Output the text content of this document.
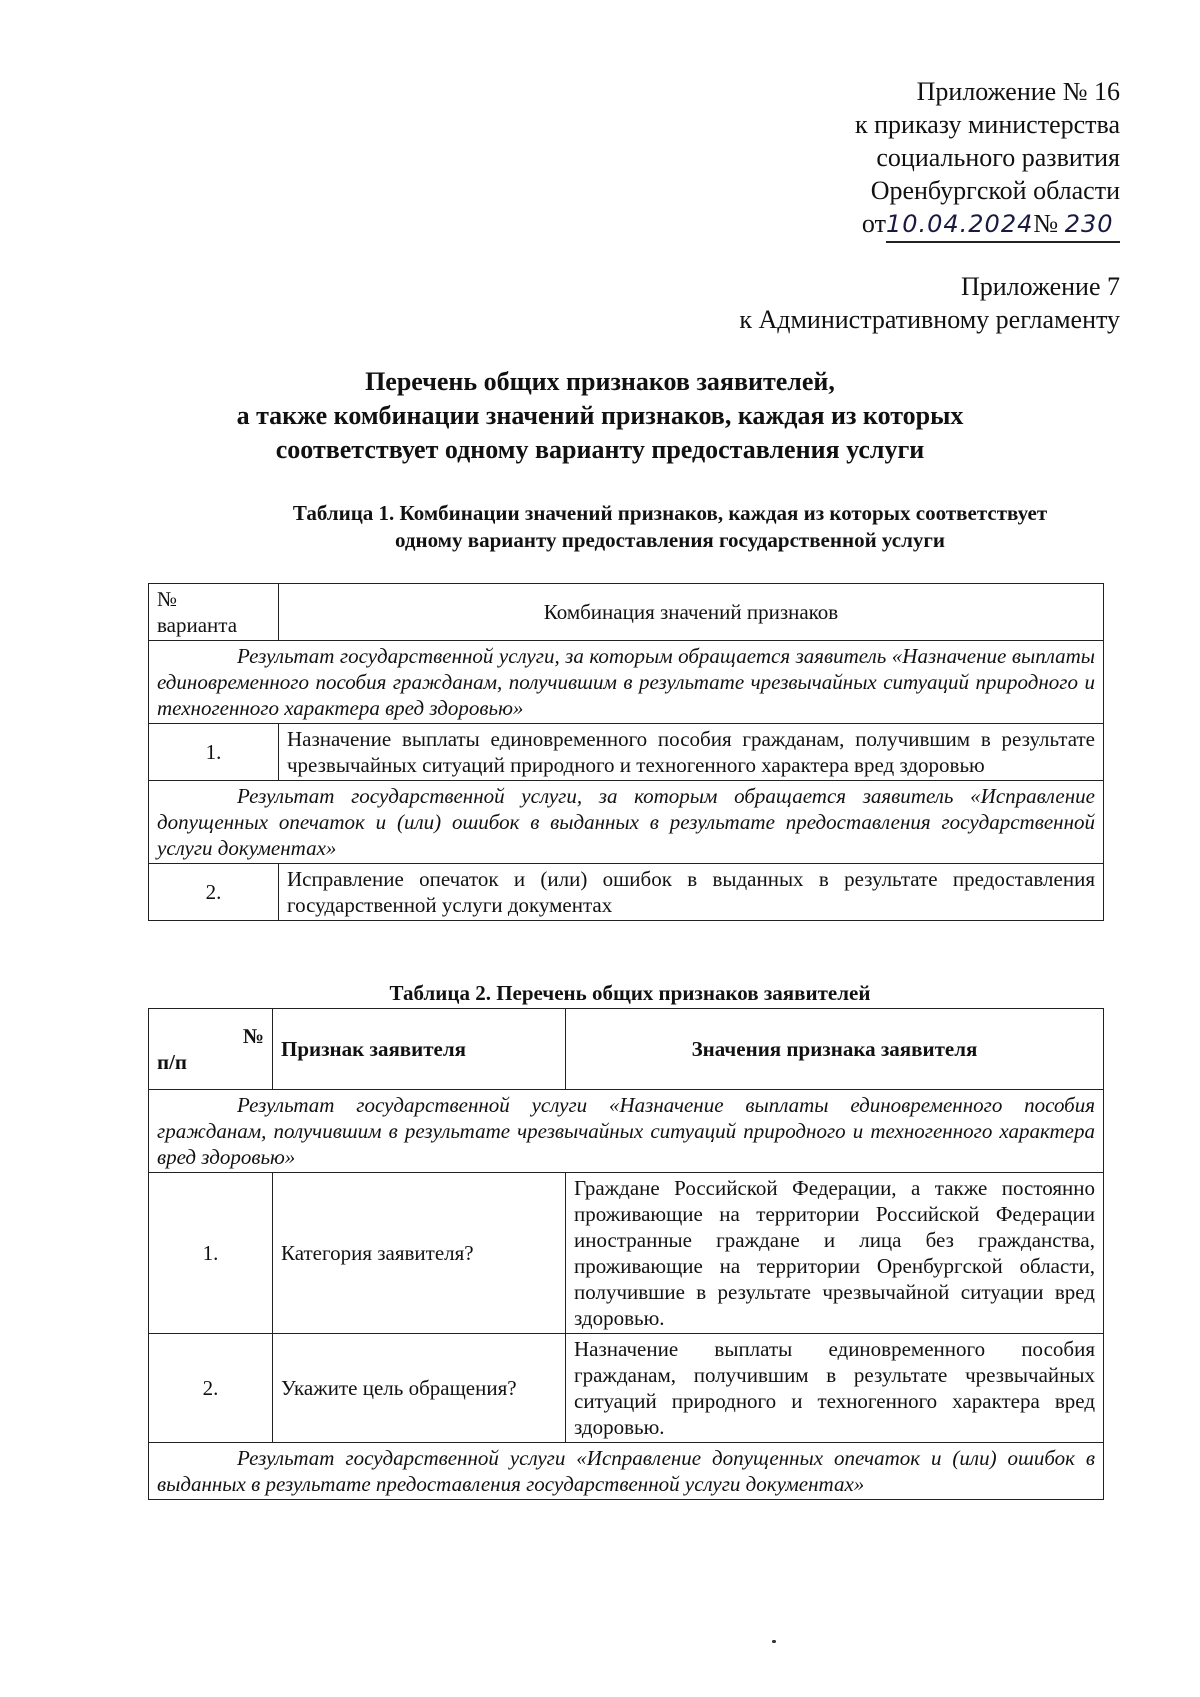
Приложение № 16
к приказу министерства
социального развития
Оренбургской области
от10.04.2024№ 230
Приложение 7
к Административному регламенту
Перечень общих признаков заявителей,
а также комбинации значений признаков, каждая из которых
соответствует одному варианту предоставления услуги
Таблица 1. Комбинации значений признаков, каждая из которых соответствует
одному варианту предоставления государственной услуги
№
варианта	Комбинация значений признаков
Результат государственной услуги, за которым обращается заявитель «Назначение выплаты единовременного пособия гражданам, получившим в результате чрезвычайных ситуаций природного и техногенного характера вред здоровью»	
1.	Назначение выплаты единовременного пособия гражданам, получившим в результате чрезвычайных ситуаций природного и техногенного характера вред здоровью
Результат государственной услуги, за которым обращается заявитель «Исправление допущенных опечаток и (или) ошибок в выданных в результате предоставления государственной услуги документах»	
2.	Исправление опечаток и (или) ошибок в выданных в результате предоставления государственной услуги документах
Таблица 2. Перечень общих признаков заявителей
№
п/п	Признак заявителя	Значения признака заявителя
Результат государственной услуги «Назначение выплаты единовременного пособия гражданам, получившим в результате чрезвычайных ситуаций природного и техногенного характера вред здоровью»		
1.	Категория заявителя?	Граждане Российской Федерации, а также постоянно проживающие на территории Российской Федерации иностранные граждане и лица без гражданства, проживающие на территории Оренбургской области, получившие в результате чрезвычайной ситуации вред здоровью.
2.	Укажите цель обращения?	Назначение выплаты единовременного пособия гражданам, получившим в результате чрезвычайных ситуаций природного и техногенного характера вред здоровью.
Результат государственной услуги «Исправление допущенных опечаток и (или) ошибок в выданных в результате предоставления государственной услуги документах»		
